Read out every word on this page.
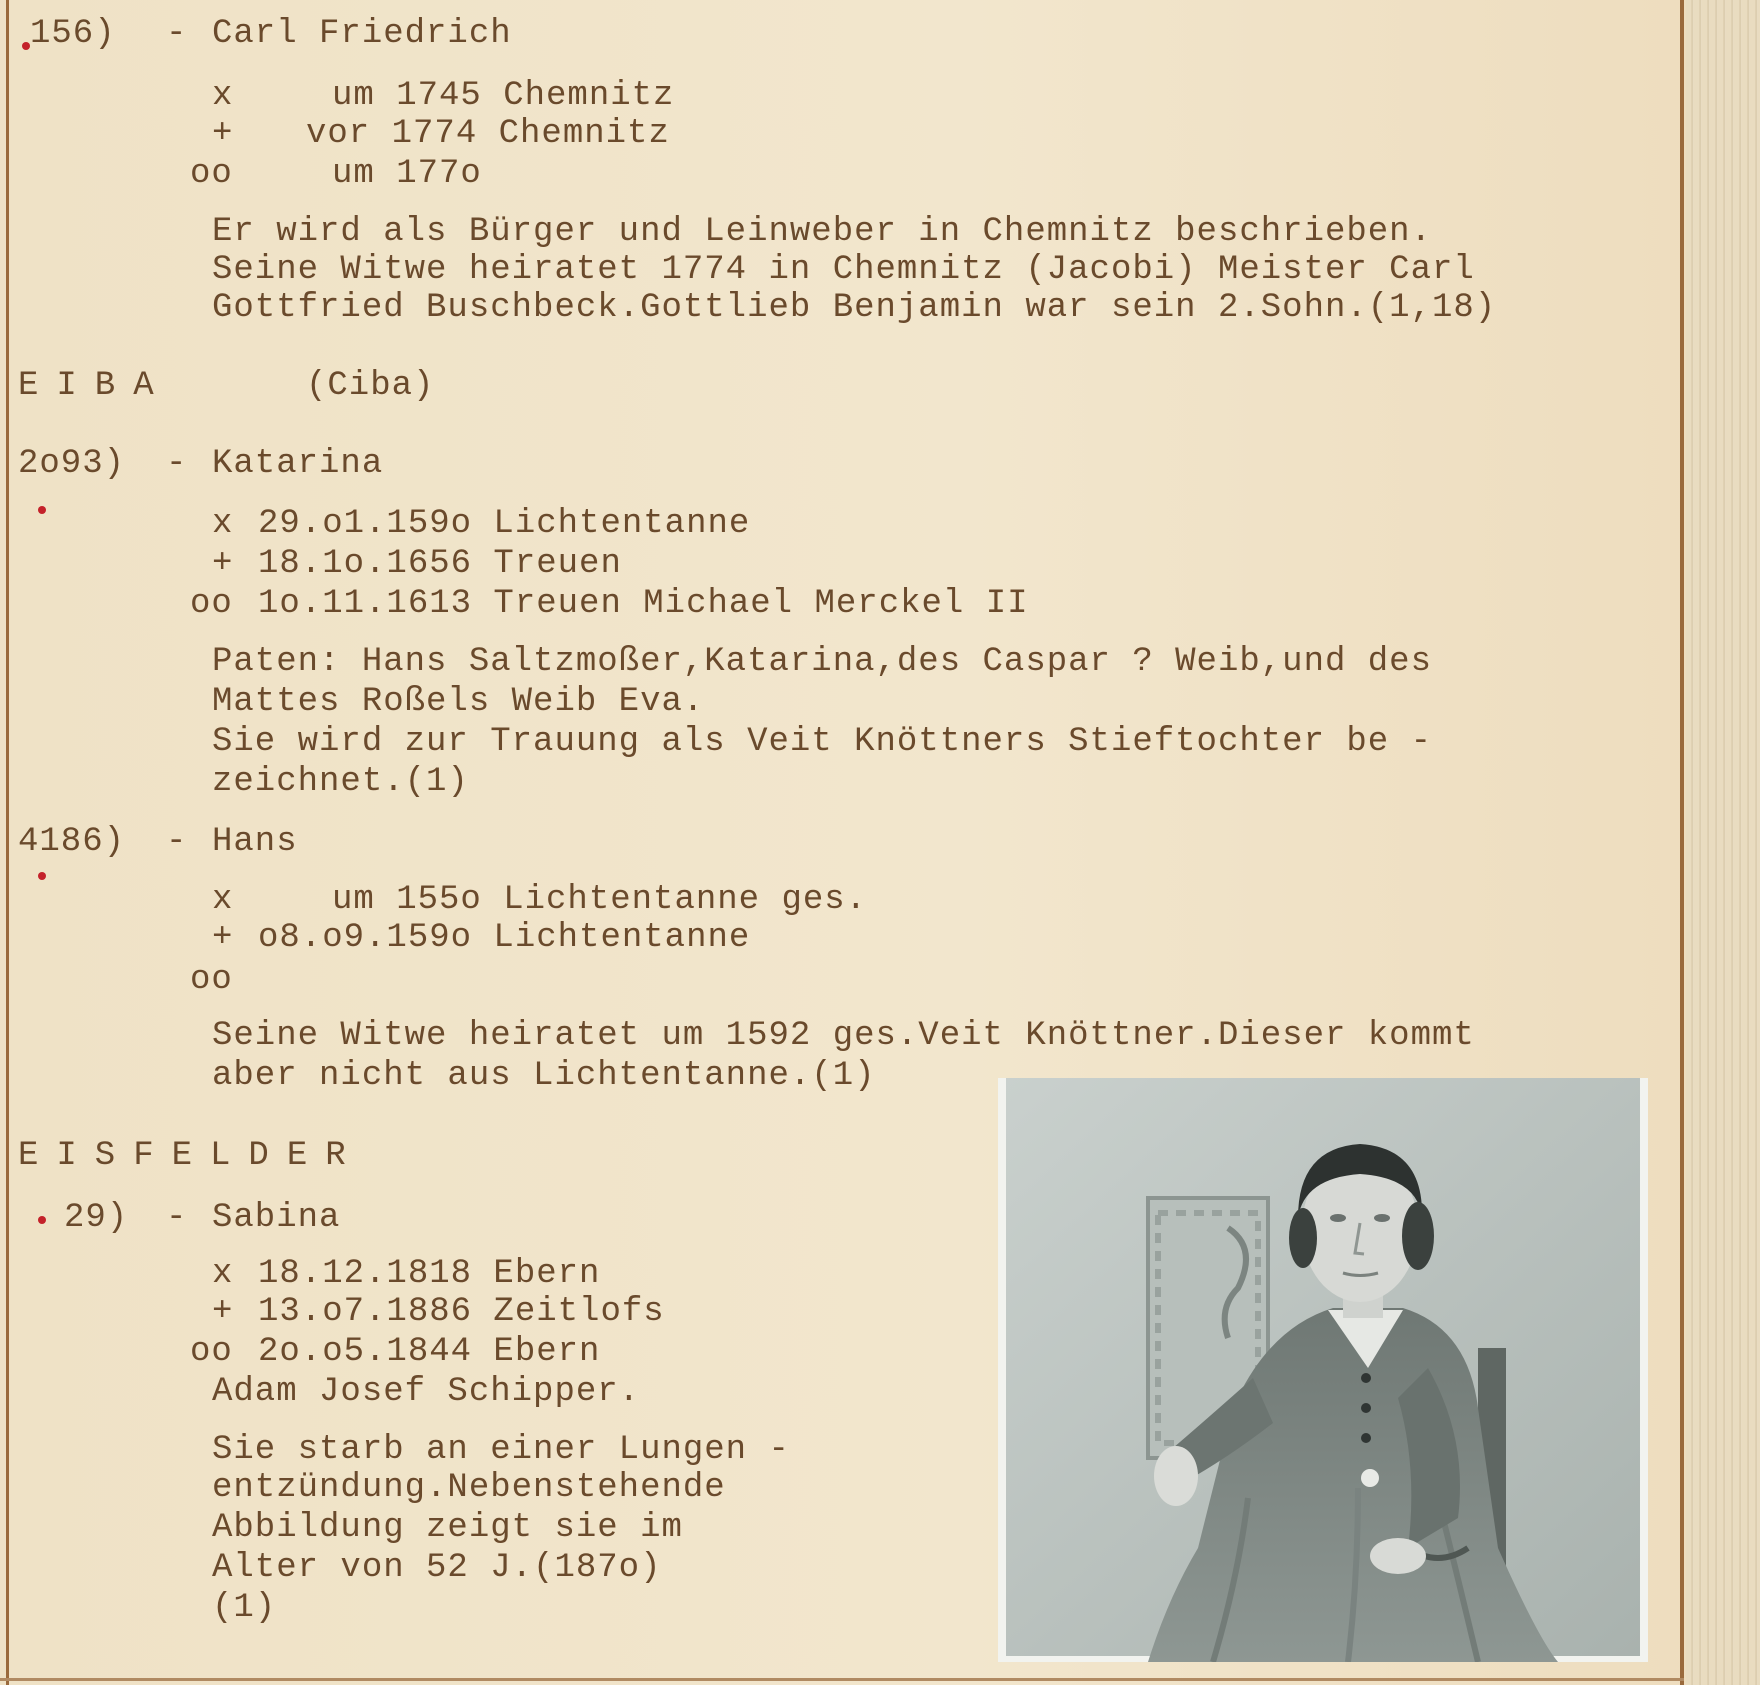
156) - Carl Friedrich
x	um 1745 Chemnitz
+ vor 1774 Chemnitz
oo	um 177o
Er wird als Bürger und Leinweber in Chemnitz beschrieben.
Seine Witwe heiratet 1774 in Chemnitz (Jacobi) Meister Carl
Gottfried Buschbeck.Gottlieb Benjamin war sein 2.Sohn.(1,18)
EIBA	(Ciba)
2o93) - Katarina
x 29.o1.159o Lichtentanne
+ 18.1o.1656 Treuen
oo 1o.11.1613 Treuen Michael Merckel II
Paten: Hans Saltzmoßer,Katarina,des Caspar ? Weib,und des
Mattes Roßels Weib Eva.
Sie wird zur Trauung als Veit Knöttners Stieftochter be -
zeichnet.(1)
4186) - Hans
x	um 155o Lichtentanne ges.
+ o8.o9.159o Lichtentanne
oo
Seine Witwe heiratet um 1592 ges.Veit Knöttner.Dieser kommt
aber nicht aus Lichtentanne.(1)
EISFELDER
29) - Sabina
x 18.12.1818 Ebern
+ 13.o7.1886 Zeitlofs
oo 2o.o5.1844 Ebern
Adam Josef Schipper.
Sie starb an einer Lungen -
entzündung.Nebenstehende
Abbildung zeigt sie im
Alter von 52 J.(187o)
(1)
